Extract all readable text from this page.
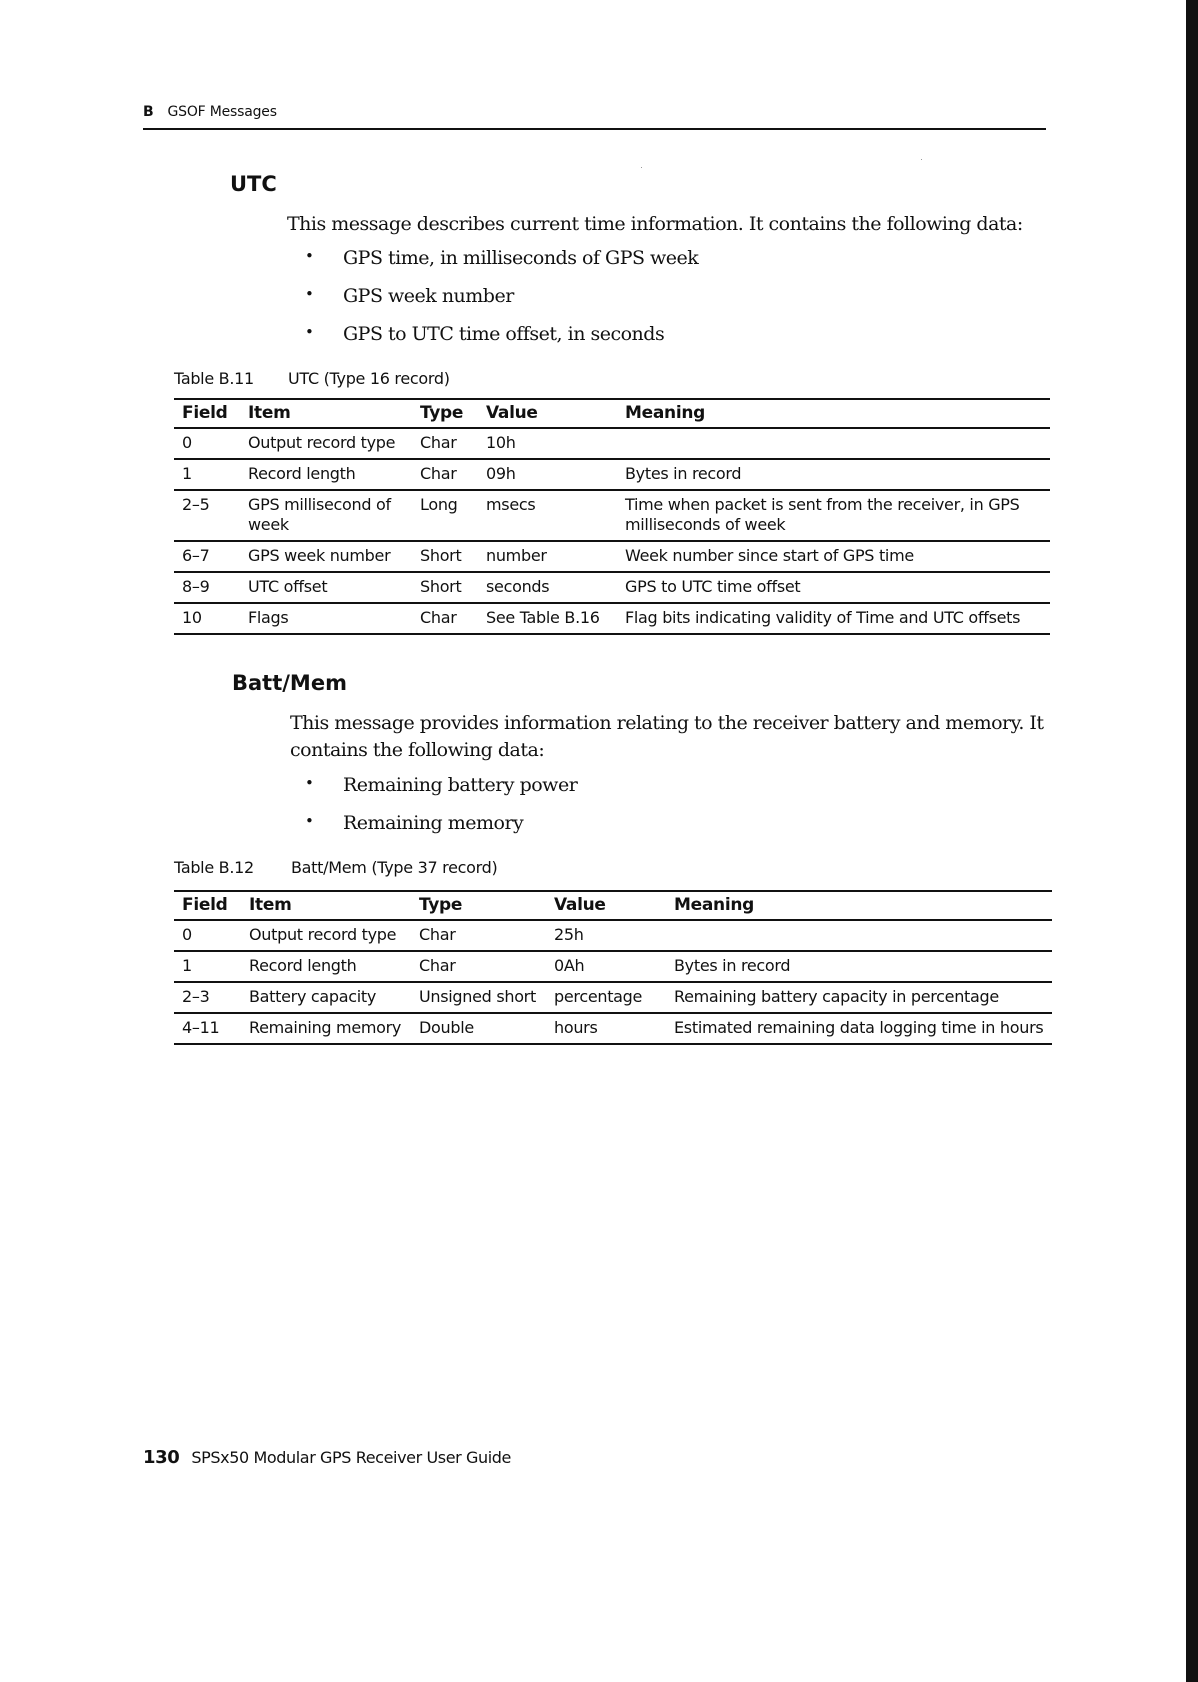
B GSOF Messages
UTC

This message describes current time information. It contains the following data:

• GPS time, in milliseconds of GPS week
• GPS week number
• GPS to UTC time offset, in seconds

Table B.11 UTC (Type 16 record)

Field	Item	Type	Value	Meaning
0	Output record type	Char	10h	
1	Record length	Char	09h	Bytes in record
2–5	GPS millisecond of week	Long	msecs	Time when packet is sent from the receiver, in GPS milliseconds of week
6–7	GPS week number	Short	number	Week number since start of GPS time
8–9	UTC offset	Short	seconds	GPS to UTC time offset
10	Flags	Char	See Table B.16	Flag bits indicating validity of Time and UTC offsets
Batt/Mem

This message provides information relating to the receiver battery and memory. It contains the following data:

• Remaining battery power
• Remaining memory

Table B.12 Batt/Mem (Type 37 record)

Field	Item	Type	Value	Meaning
0	Output record type	Char	25h	
1	Record length	Char	0Ah	Bytes in record
2–3	Battery capacity	Unsigned short	percentage	Remaining battery capacity in percentage
4–11	Remaining memory	Double	hours	Estimated remaining data logging time in hours
130 SPSx50 Modular GPS Receiver User Guide
